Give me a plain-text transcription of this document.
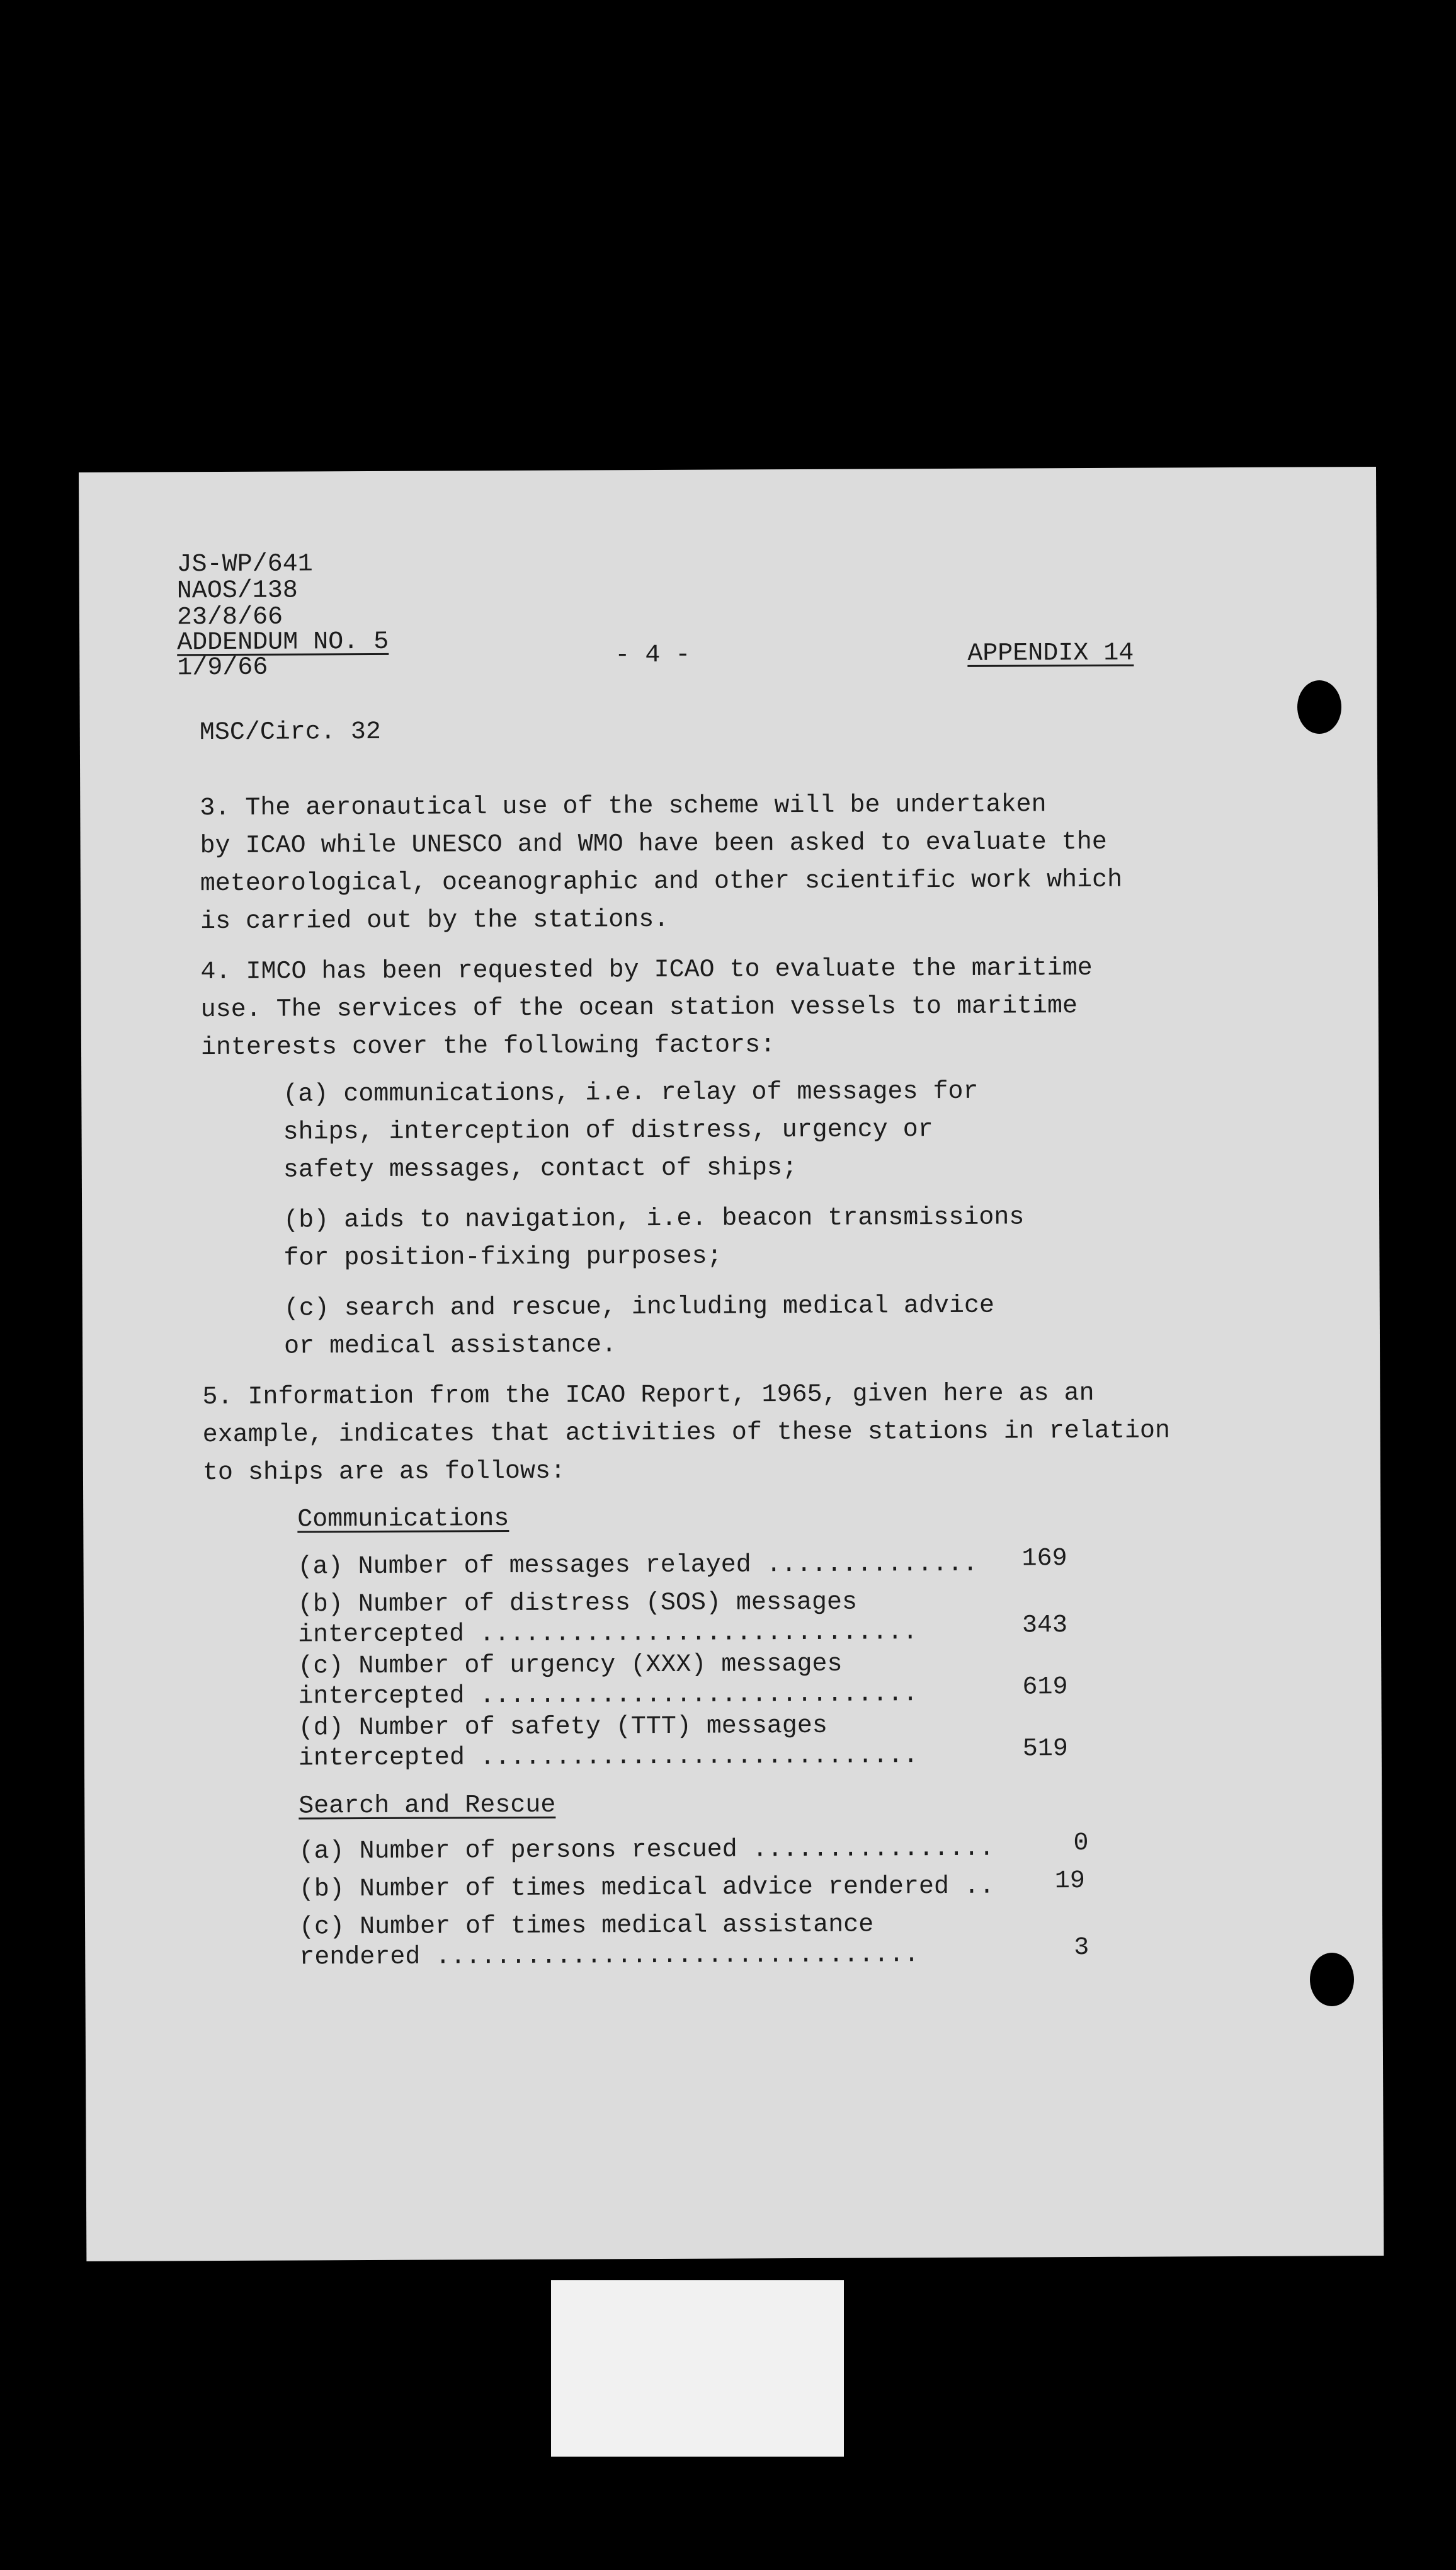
JS-WP/641
NAOS/138
23/8/66
ADDENDUM NO. 5
1/9/66	- 4 -	APPENDIX 14
MSC/Circ. 32
3. The aeronautical use of the scheme will be undertaken
by ICAO while UNESCO and WMO have been asked to evaluate the
meteorological, oceanographic and other scientific work which
is carried out by the stations.
4. IMCO has been requested by ICAO to evaluate the maritime
use. The services of the ocean station vessels to maritime
interests cover the following factors:
(a) communications, i.e. relay of messages for
ships, interception of distress, urgency or
safety messages, contact of ships;
(b) aids to navigation, i.e. beacon transmissions
for position-fixing purposes;
(c) search and rescue, including medical advice
or medical assistance.
5. Information from the ICAO Report, 1965, given here as an
example, indicates that activities of these stations in relation
to ships are as follows:
Communications
(a) Number of messages relayed .............. 169
(b) Number of distress (SOS) messages
intercepted .............................	343
(c) Number of urgency (XXX) messages
intercepted .............................	619
(d) Number of safety (TTT) messages
intercepted .............................	519
Search and Rescue
(a) Number of persons rescued ................	0
(b) Number of times medical advice rendered .. 19
(c) Number of times medical assistance
rendered ................................	3
